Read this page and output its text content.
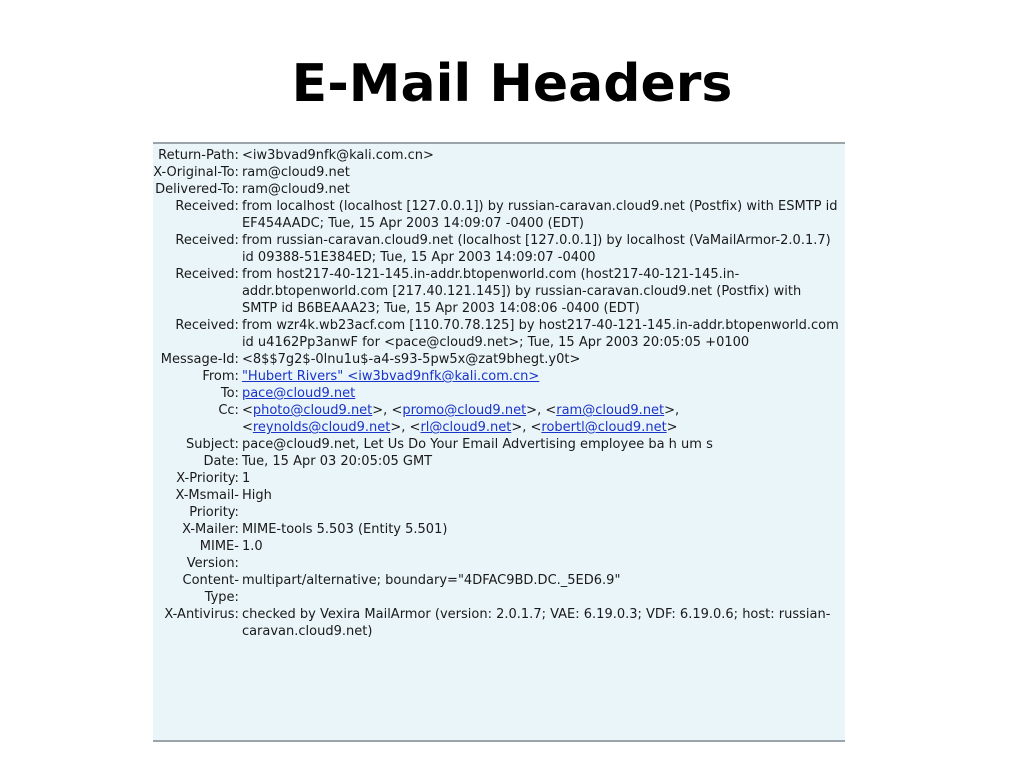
E-Mail Headers
Return-Path:	<iw3bvad9nfk@kali.com.cn>
X-Original-To:	ram@cloud9.net
Delivered-To:	ram@cloud9.net
Received:	from localhost (localhost [127.0.0.1]) by russian-caravan.cloud9.net (Postfix) with ESMTP id EF454AADC; Tue, 15 Apr 2003 14:09:07 -0400 (EDT)
Received:	from russian-caravan.cloud9.net (localhost [127.0.0.1]) by localhost (VaMailArmor-2.0.1.7) id 09388-51E384ED; Tue, 15 Apr 2003 14:09:07 -0400
Received:	from host217-40-121-145.in-addr.btopenworld.com (host217-40-121-145.in-addr.btopenworld.com [217.40.121.145]) by russian-caravan.cloud9.net (Postfix) with SMTP id B6BEAAA23; Tue, 15 Apr 2003 14:08:06 -0400 (EDT)
Received:	from wzr4k.wb23acf.com [110.70.78.125] by host217-40-121-145.in-addr.btopenworld.com id u4162Pp3anwF for <pace@cloud9.net>; Tue, 15 Apr 2003 20:05:05 +0100
Message-Id:	<8$$7g2$-0lnu1u$-a4-s93-5pw5x@zat9bhegt.y0t>
From:	"Hubert Rivers" <iw3bvad9nfk@kali.com.cn>
To:	pace@cloud9.net
Cc:	<photo@cloud9.net>, <promo@cloud9.net>, <ram@cloud9.net>, <reynolds@cloud9.net>, <rl@cloud9.net>, <robertl@cloud9.net>
Subject:	pace@cloud9.net, Let Us Do Your Email Advertising employee ba h um s
Date:	Tue, 15 Apr 03 20:05:05 GMT
X-Priority:	1
X-Msmail-Priority:	High
X-Mailer:	MIME-tools 5.503 (Entity 5.501)
MIME-Version:	1.0
Content-Type:	multipart/alternative; boundary="4DFAC9BD.DC._5ED6.9"
X-Antivirus:	checked by Vexira MailArmor (version: 2.0.1.7; VAE: 6.19.0.3; VDF: 6.19.0.6; host: russian-caravan.cloud9.net)
